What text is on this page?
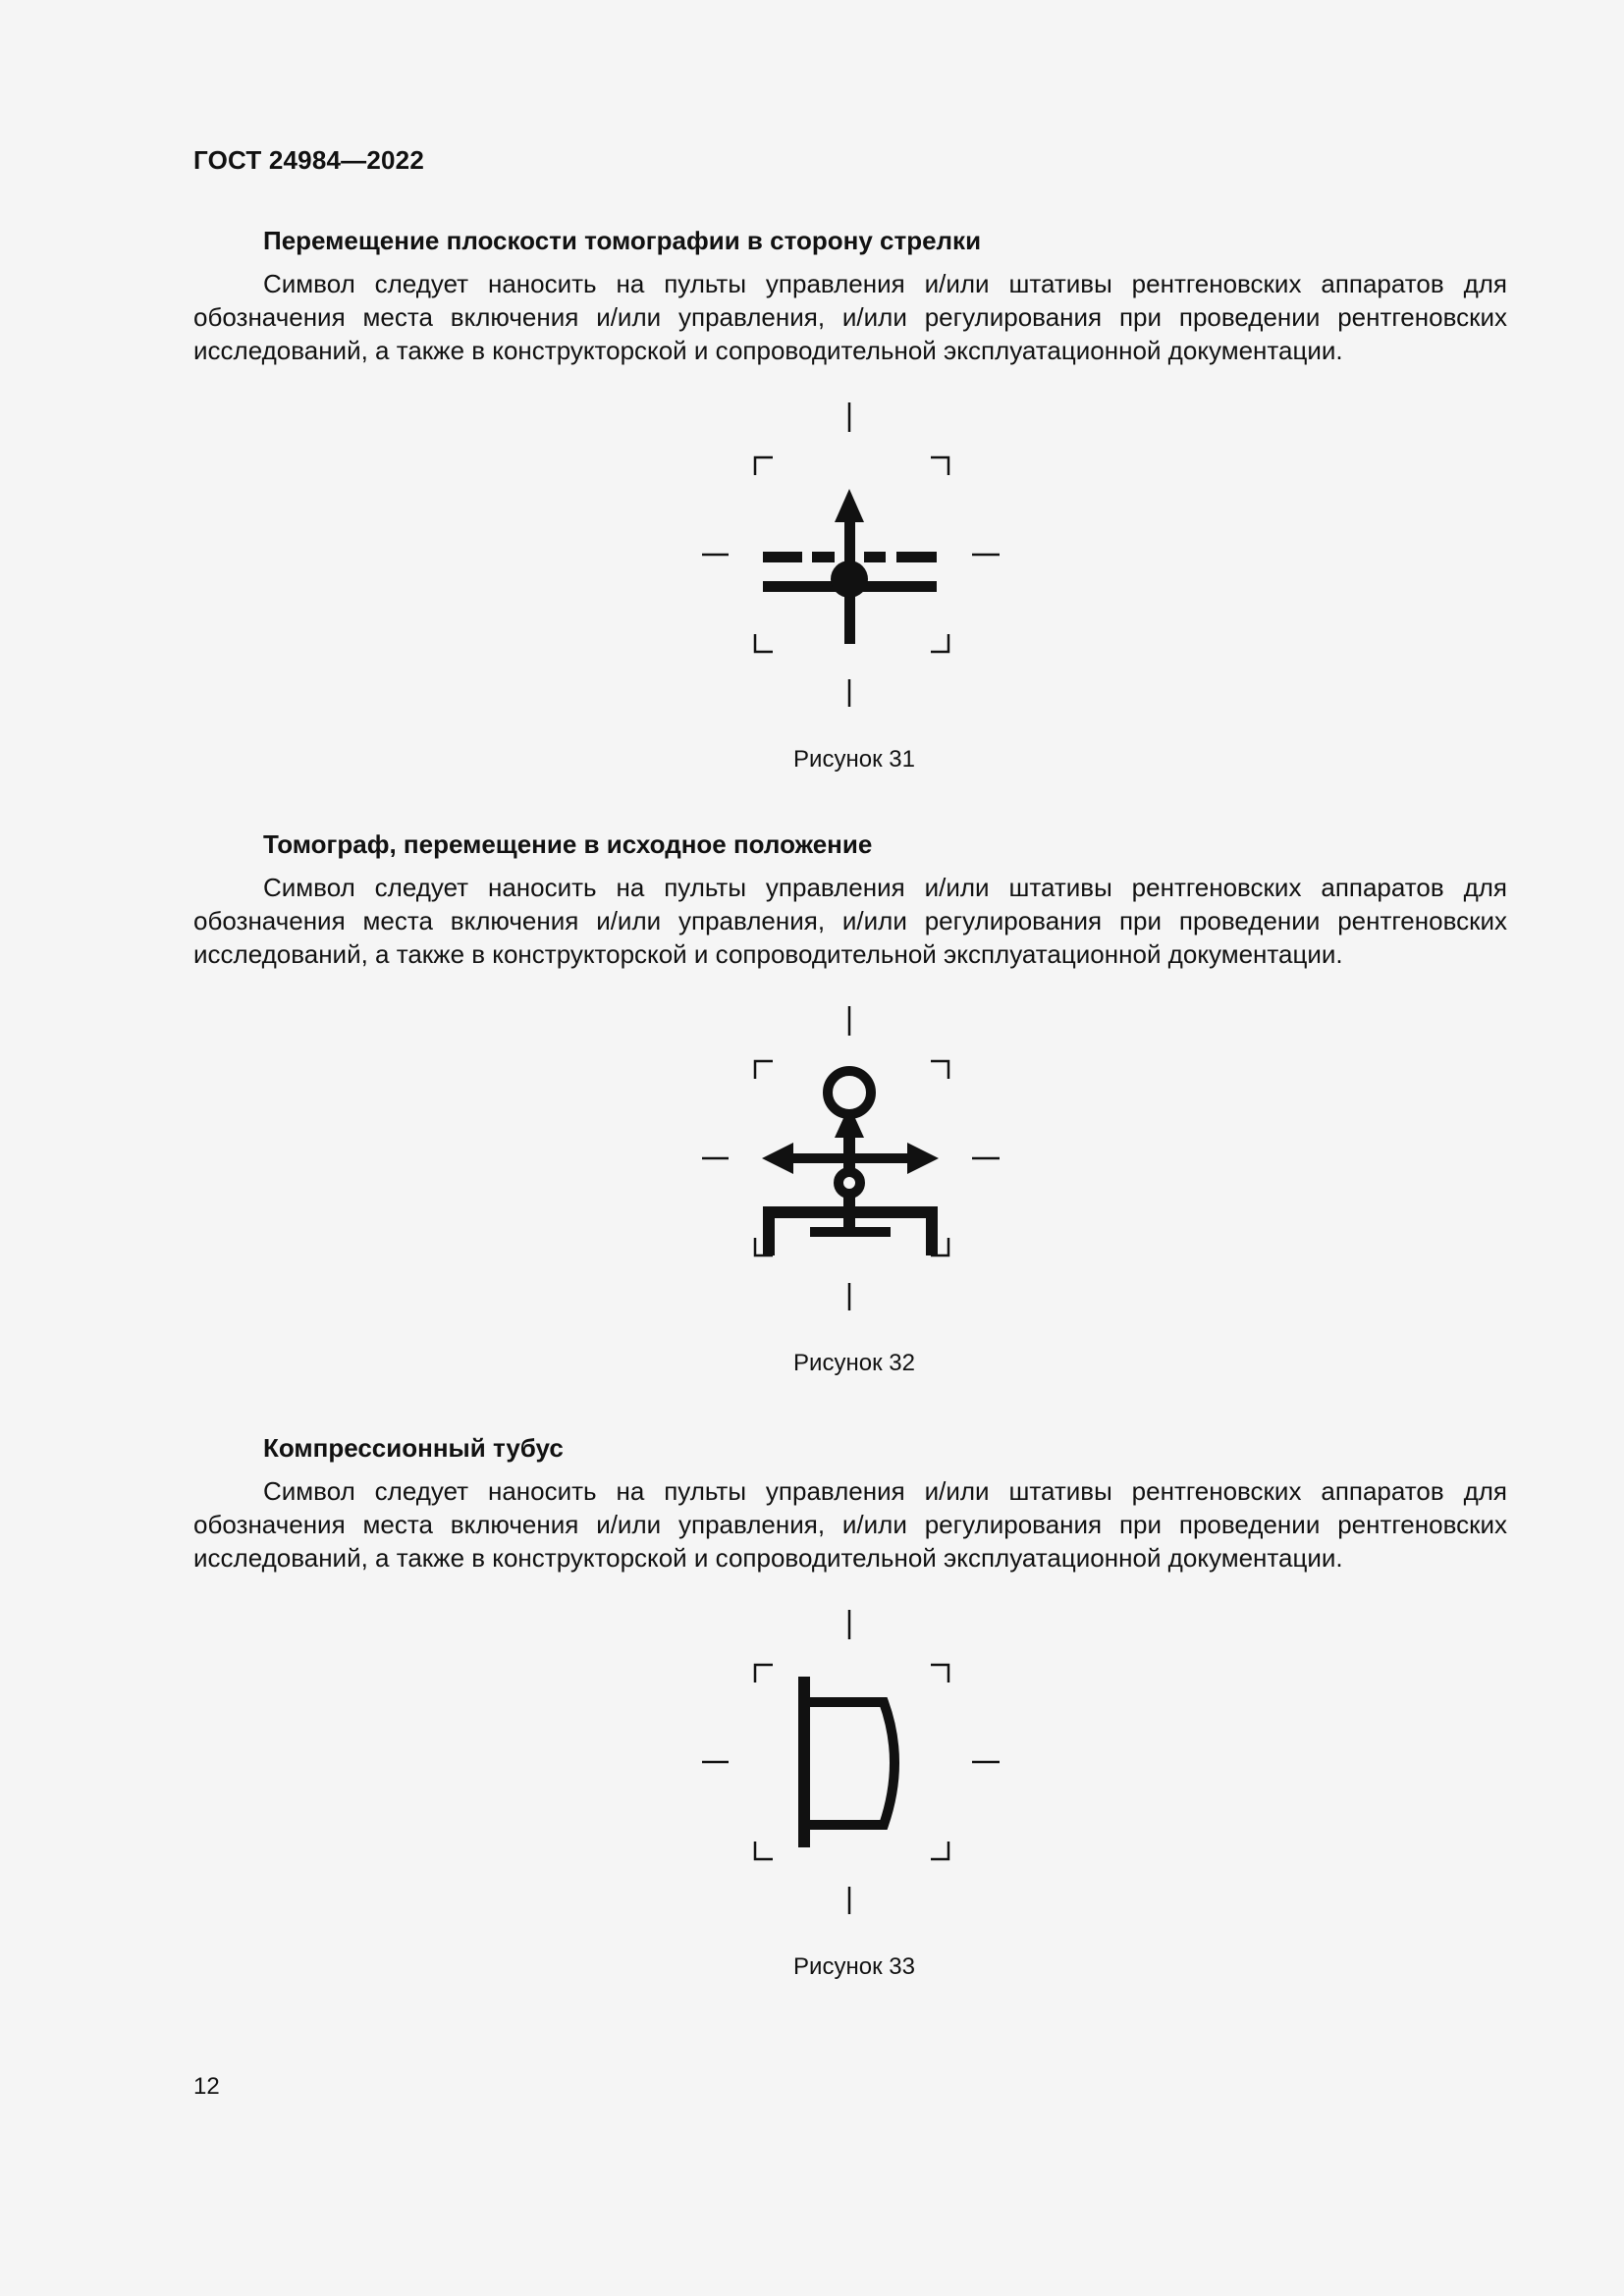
ГОСТ 24984—2022
Перемещение плоскости томографии в сторону стрелки
Символ следует наносить на пульты управления и/или штативы рентгеновских аппаратов для обозначения места включения и/или управления, и/или регулирования при проведении рентгеновских исследований, а также в конструкторской и сопроводительной эксплуатационной документации.
Рисунок 31
Томограф, перемещение в исходное положение
Символ следует наносить на пульты управления и/или штативы рентгеновских аппаратов для обозначения места включения и/или управления, и/или регулирования при проведении рентгеновских исследований, а также в конструкторской и сопроводительной эксплуатационной документации.
Рисунок 32
Компрессионный тубус
Символ следует наносить на пульты управления и/или штативы рентгеновских аппаратов для обозначения места включения и/или управления, и/или регулирования при проведении рентгеновских исследований, а также в конструкторской и сопроводительной эксплуатационной документации.
Рисунок 33
12
